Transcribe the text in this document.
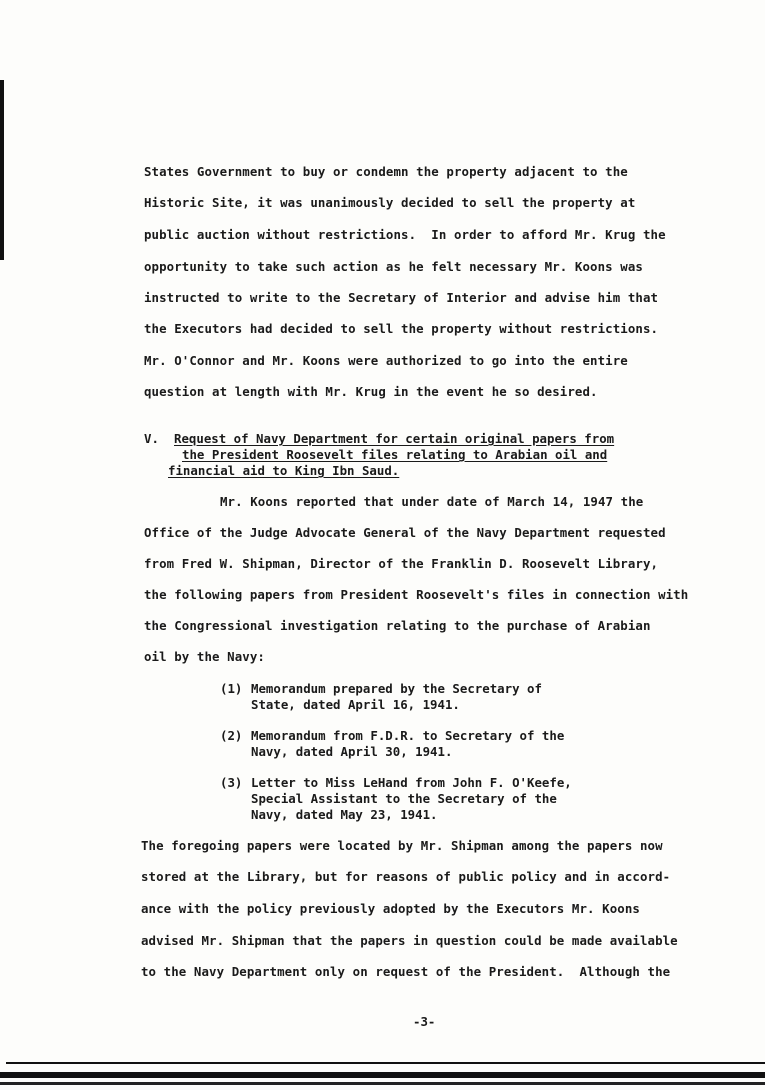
States Government to buy or condemn the property adjacent to the
Historic Site, it was unanimously decided to sell the property at
public auction without restrictions.  In order to afford Mr. Krug the
opportunity to take such action as he felt necessary Mr. Koons was
instructed to write to the Secretary of Interior and advise him that
the Executors had decided to sell the property without restrictions.
Mr. O'Connor and Mr. Koons were authorized to go into the entire
question at length with Mr. Krug in the event he so desired.
V. Request of Navy Department for certain original papers from
the President Roosevelt files relating to Arabian oil and
financial aid to King Ibn Saud.
Mr. Koons reported that under date of March 14, 1947 the
Office of the Judge Advocate General of the Navy Department requested
from Fred W. Shipman, Director of the Franklin D. Roosevelt Library,
the following papers from President Roosevelt's files in connection with
the Congressional investigation relating to the purchase of Arabian
oil by the Navy:
(1) Memorandum prepared by the Secretary of
State, dated April 16, 1941.
(2) Memorandum from F.D.R. to Secretary of the
Navy, dated April 30, 1941.
(3) Letter to Miss LeHand from John F. O'Keefe,
Special Assistant to the Secretary of the
Navy, dated May 23, 1941.
The foregoing papers were located by Mr. Shipman among the papers now
stored at the Library, but for reasons of public policy and in accord-
ance with the policy previously adopted by the Executors Mr. Koons
advised Mr. Shipman that the papers in question could be made available
to the Navy Department only on request of the President.  Although the
-3-
